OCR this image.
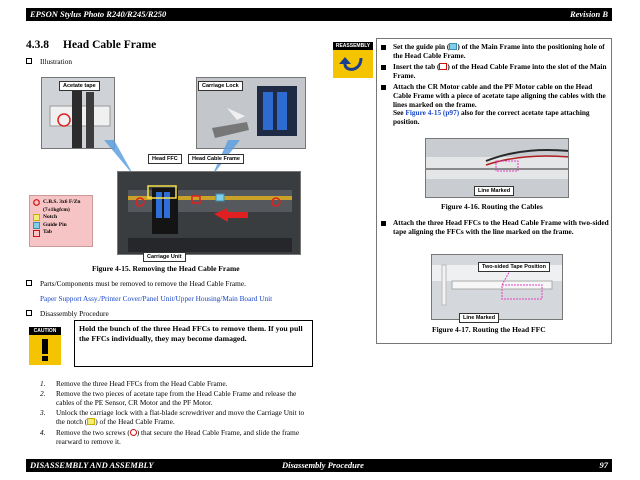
EPSON Stylus Photo R240/R245/R250	Revision B
DISASSEMBLY AND ASSEMBLY	Disassembly Procedure	97
4.3.8 Head Cable Frame
Illustration
Acetate tape	Carriage Lock
Head FFC	Head Cable Frame
Carriage Unit
C.B.S. 3x6 F/Zn
(7±1kgfcm)
Notch
Guide Pin
Tab
Figure 4-15. Removing the Head Cable Frame
Parts/Components must be removed to remove the Head Cable Frame.
Paper Support Assy./Printer Cover/Panel Unit/Upper Housing/Main Board Unit
Disassembly Procedure
CAUTION	Hold the bunch of the three Head FFCs to remove them. If you pull the FFCs individually, they may become damaged.
1. Remove the three Head FFCs from the Head Cable Frame.
2. Remove the two pieces of acetate tape from the Head Cable Frame and release the cables of the PE Sensor, CR Motor and the PF Motor.
3. Unlock the carriage lock with a flat-blade screwdriver and move the Carriage Unit to the notch ( ) of the Head Cable Frame.
4. Remove the two screws ( ) that secure the Head Cable Frame, and slide the frame rearward to remove it.
REASSEMBLY	Set the guide pin ( ) of the Main Frame into the positioning hole of the Head Cable Frame.
Insert the tab ( ) of the Head Cable Frame into the slot of the Main Frame.
Attach the CR Motor cable and the PF Motor cable on the Head Cable Frame with a piece of acetate tape aligning the cables with the lines marked on the frame.
See Figure 4-15 (p97) also for the correct acetate tape attaching position.
Line Marked
Figure 4-16. Routing the Cables
Attach the three Head FFCs to the Head Cable Frame with two-sided tape aligning the FFCs with the line marked on the frame.
Two-sided Tape Position
Line Marked
Figure 4-17. Routing the Head FFC
